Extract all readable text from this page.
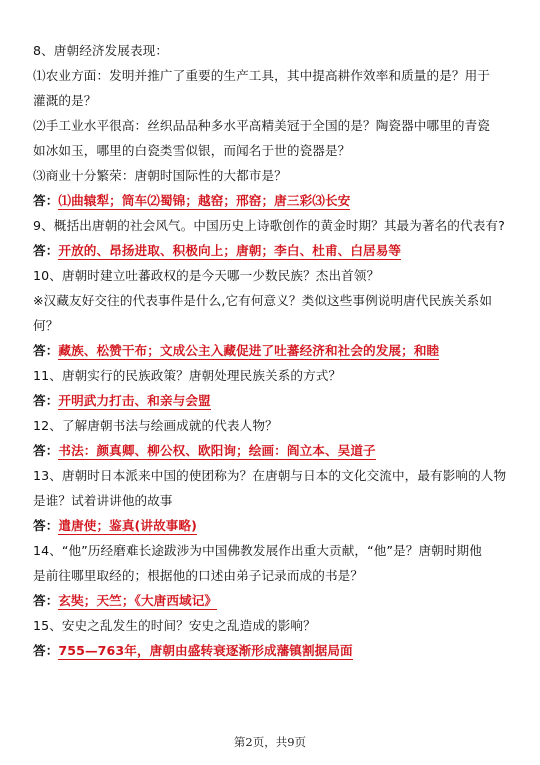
8、唐朝经济发展表现：
⑴农业方面：发明并推广了重要的生产工具，其中提高耕作效率和质量的是？用于
灌溉的是？
⑵手工业水平很高：丝织品品种多水平高精美冠于全国的是？陶瓷器中哪里的青瓷
如冰如玉，哪里的白瓷类雪似银，而闻名于世的瓷器是？
⑶商业十分繁荣：唐朝时国际性的大都市是？
答：⑴曲辕犁；筒车⑵蜀锦；越窑；邢窑；唐三彩⑶长安
9、概括出唐朝的社会风气。中国历史上诗歌创作的黄金时期？其最为著名的代表有?
答：开放的、昂扬进取、积极向上；唐朝；李白、杜甫、白居易等
10、唐朝时建立吐蕃政权的是今天哪一少数民族？杰出首领？
※汉藏友好交往的代表事件是什么,它有何意义？类似这些事例说明唐代民族关系如
何？
答：藏族、松赞干布；文成公主入藏促进了吐蕃经济和社会的发展；和睦
11、唐朝实行的民族政策？唐朝处理民族关系的方式？
答：开明武力打击、和亲与会盟
12、了解唐朝书法与绘画成就的代表人物？
答：书法：颜真卿、柳公权、欧阳询；绘画：阎立本、吴道子
13、唐朝时日本派来中国的使团称为？在唐朝与日本的文化交流中，最有影响的人物
是谁？试着讲讲他的故事
答：遣唐使；鉴真(讲故事略)
14、“他”历经磨难长途跋涉为中国佛教发展作出重大贡献，“他”是？唐朝时期他
是前往哪里取经的；根据他的口述由弟子记录而成的书是？
答：玄奘；天竺；《大唐西域记》
15、安史之乱发生的时间？安史之乱造成的影响？
答：755—763年，唐朝由盛转衰逐渐形成藩镇割据局面
第2页，共9页
